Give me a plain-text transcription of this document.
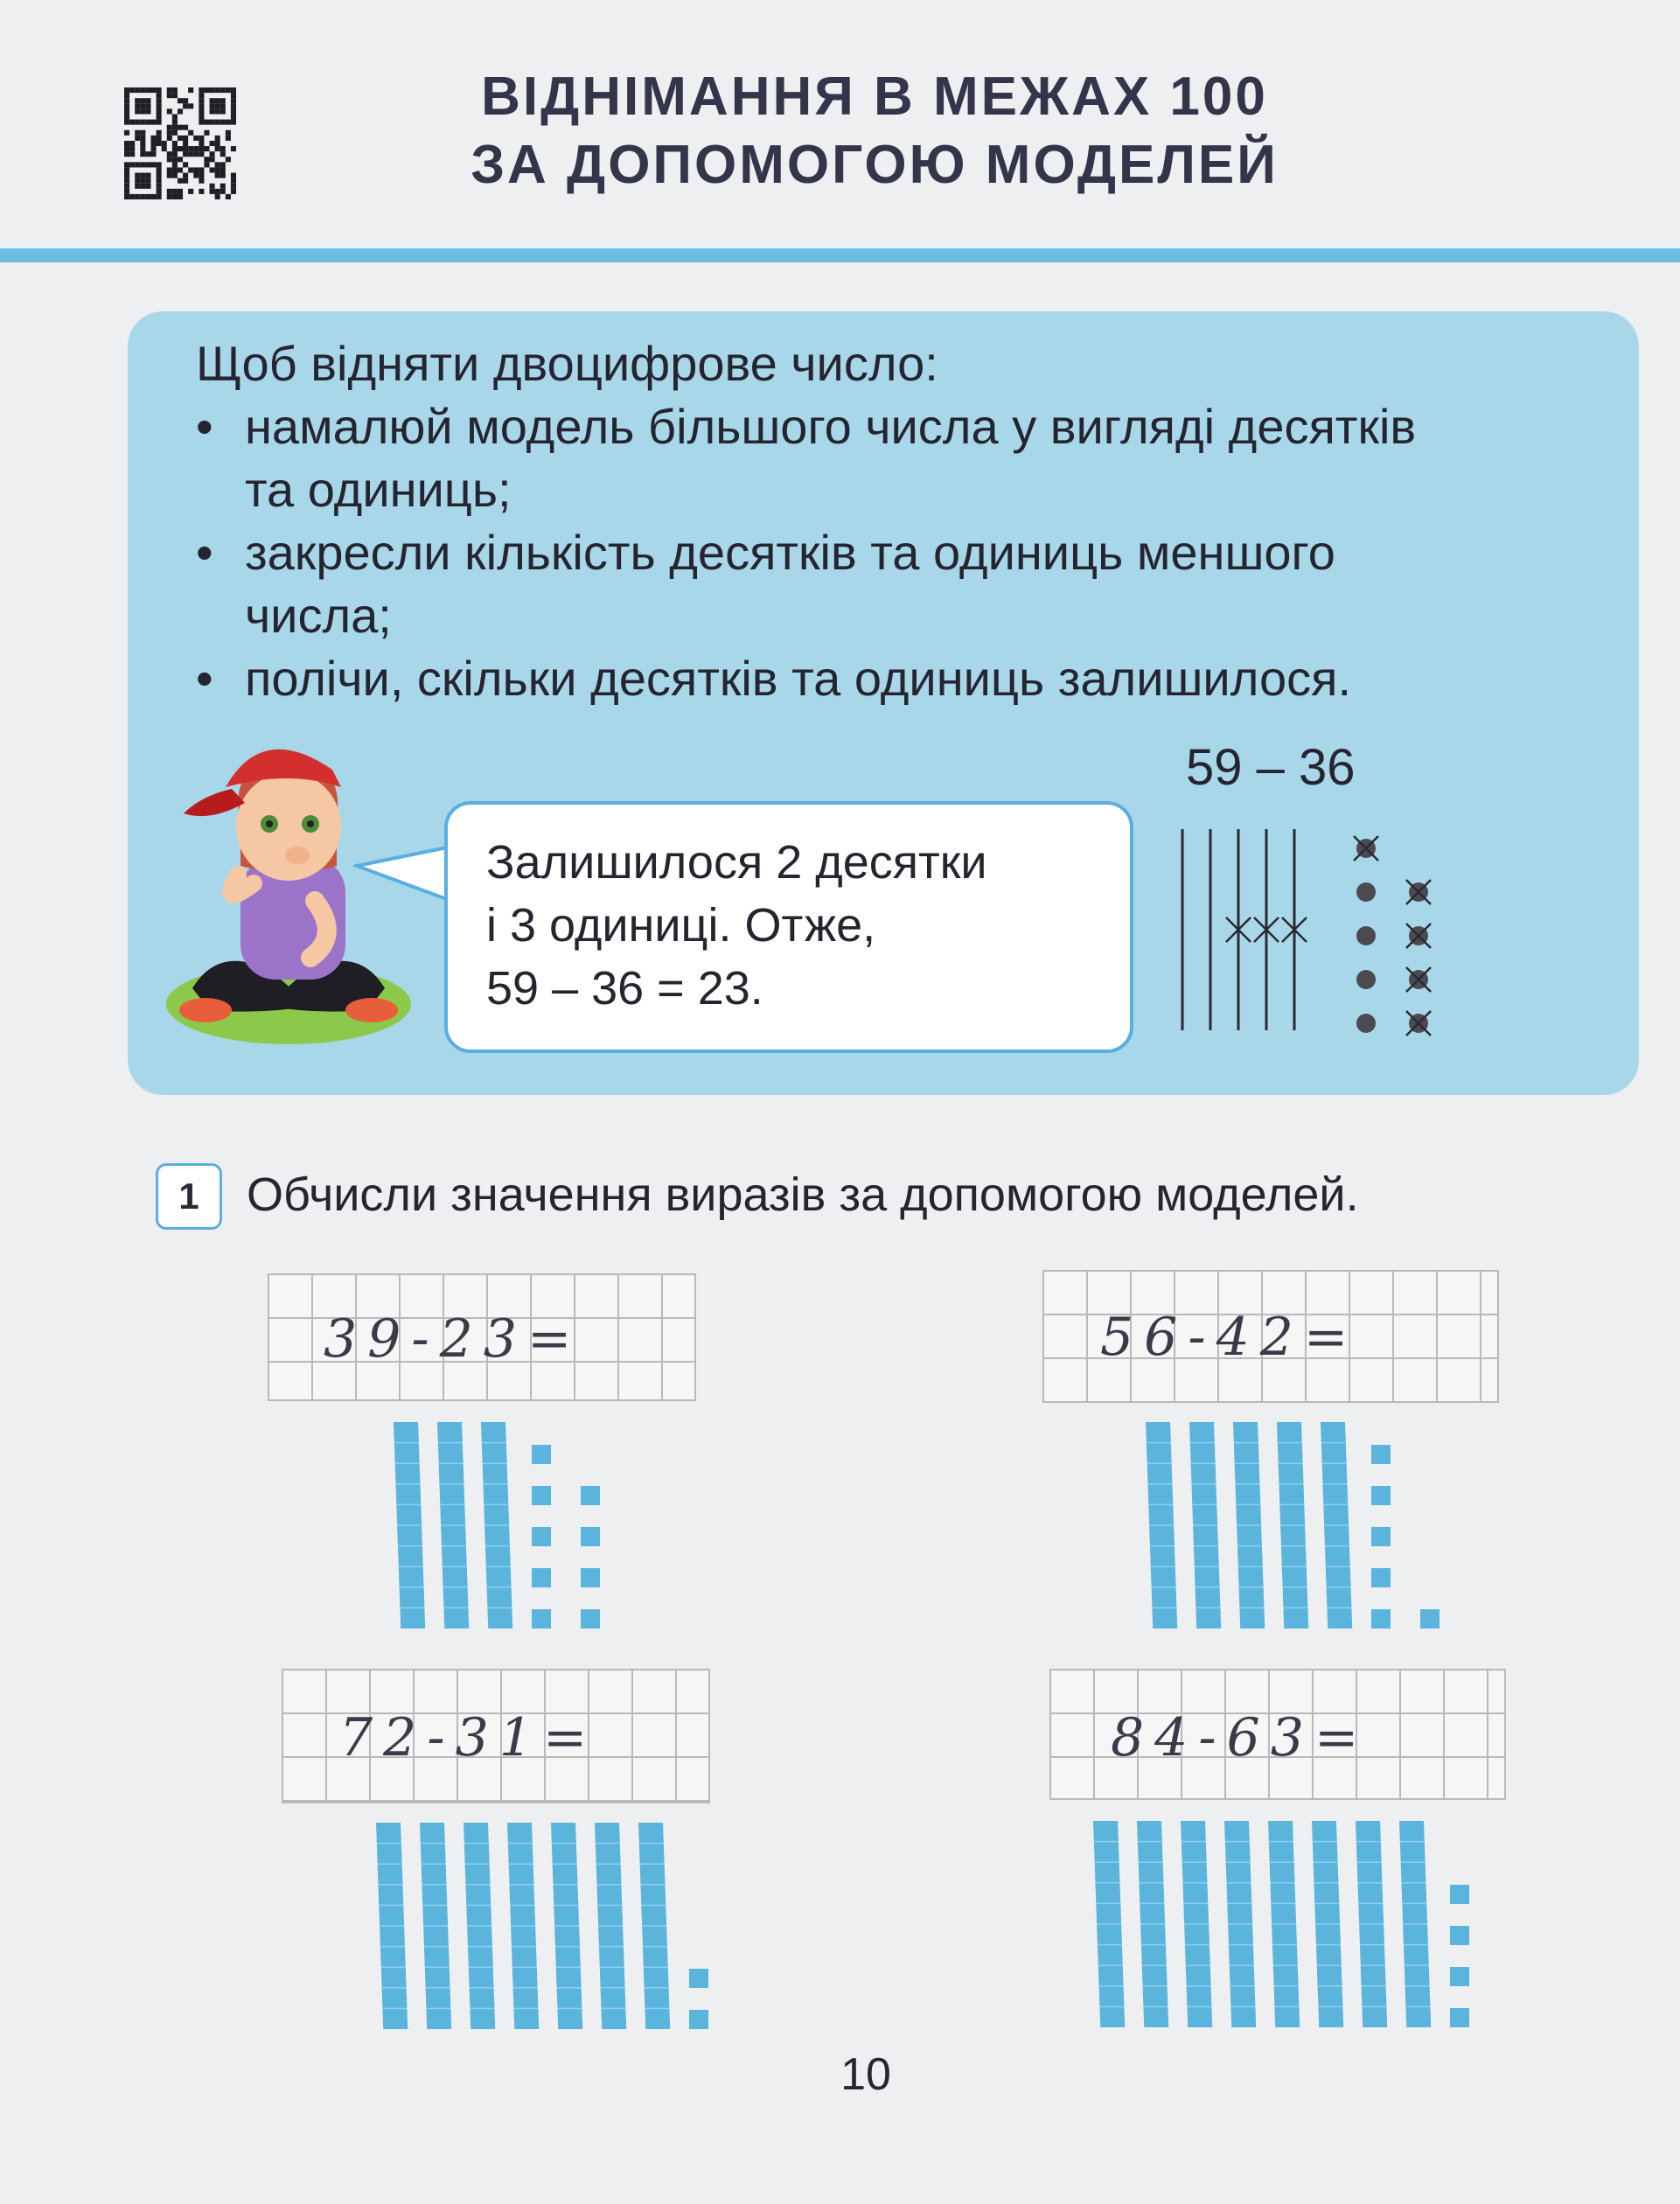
ВІДНІМАННЯ В МЕЖАХ 100
ЗА ДОПОМОГОЮ МОДЕЛЕЙ
Щоб відняти двоцифрове число:
• намалюй модель більшого числа у вигляді десятків
та одиниць;
• закресли кількість десятків та одиниць меншого
числа;
• полічи, скільки десятків та одиниць залишилося.
Залишилося 2 десятки
і 3 одиниці. Отже,
59 – 36 = 23.
59 – 36
1	Обчисли значення виразів за допомогою моделей.
39-23=	56-42=
72-31=	84-63=
10
